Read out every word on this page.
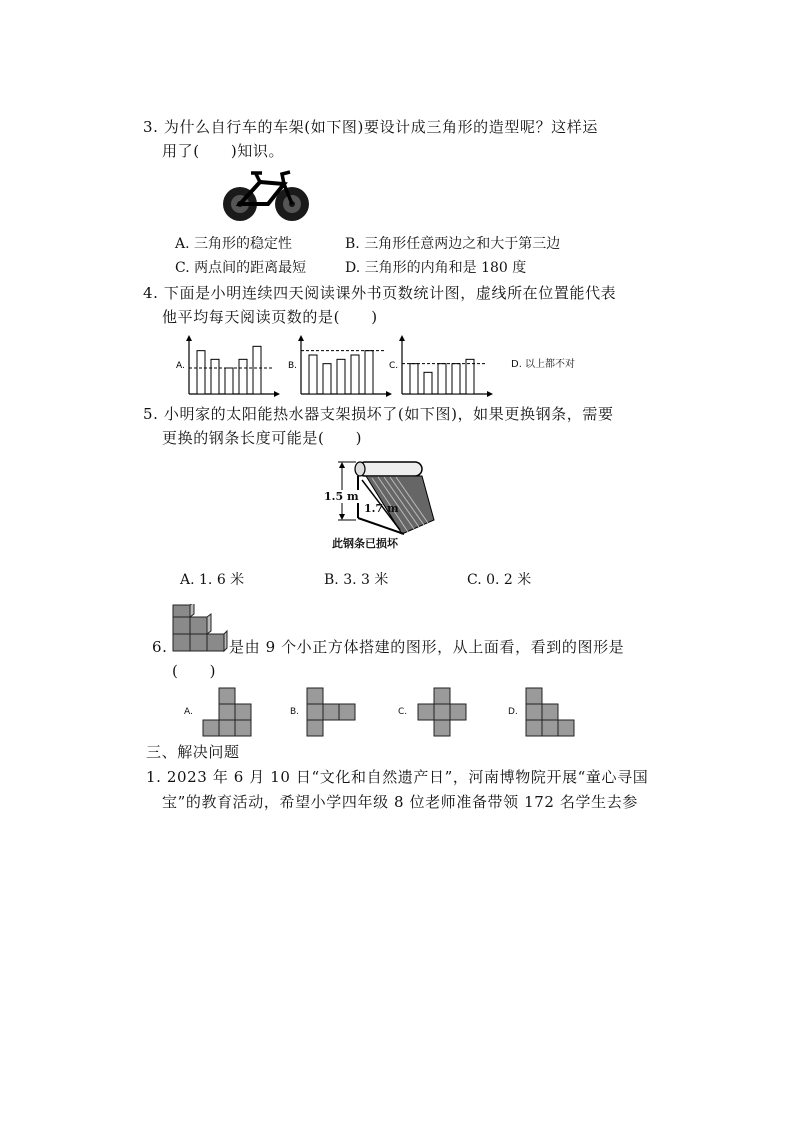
3. 为什么自行车的车架(如下图)要设计成三角形的造型呢？这样运
用了(　　)知识。
A. 三角形的稳定性	B. 三角形任意两边之和大于第三边
C. 两点间的距离最短	D. 三角形的内角和是 180 度
4. 下面是小明连续四天阅读课外书页数统计图，虚线所在位置能代表
他平均每天阅读页数的是(　　)
A.	B.	C.	D. 以上都不对
5. 小明家的太阳能热水器支架损坏了(如下图)，如果更换钢条，需要
更换的钢条长度可能是(　　)
1.5 m
1.7 m
此钢条已损坏
A. 1. 6 米	B. 3. 3 米	C. 0. 2 米
6.	是由 9 个小正方体搭建的图形，从上面看，看到的图形是
(　　)
A.	B.	C.	D.
三、解决问题
1. 2023 年 6 月 10 日“文化和自然遗产日”，河南博物院开展“童心寻国
宝”的教育活动，希望小学四年级 8 位老师准备带领 172 名学生去参
